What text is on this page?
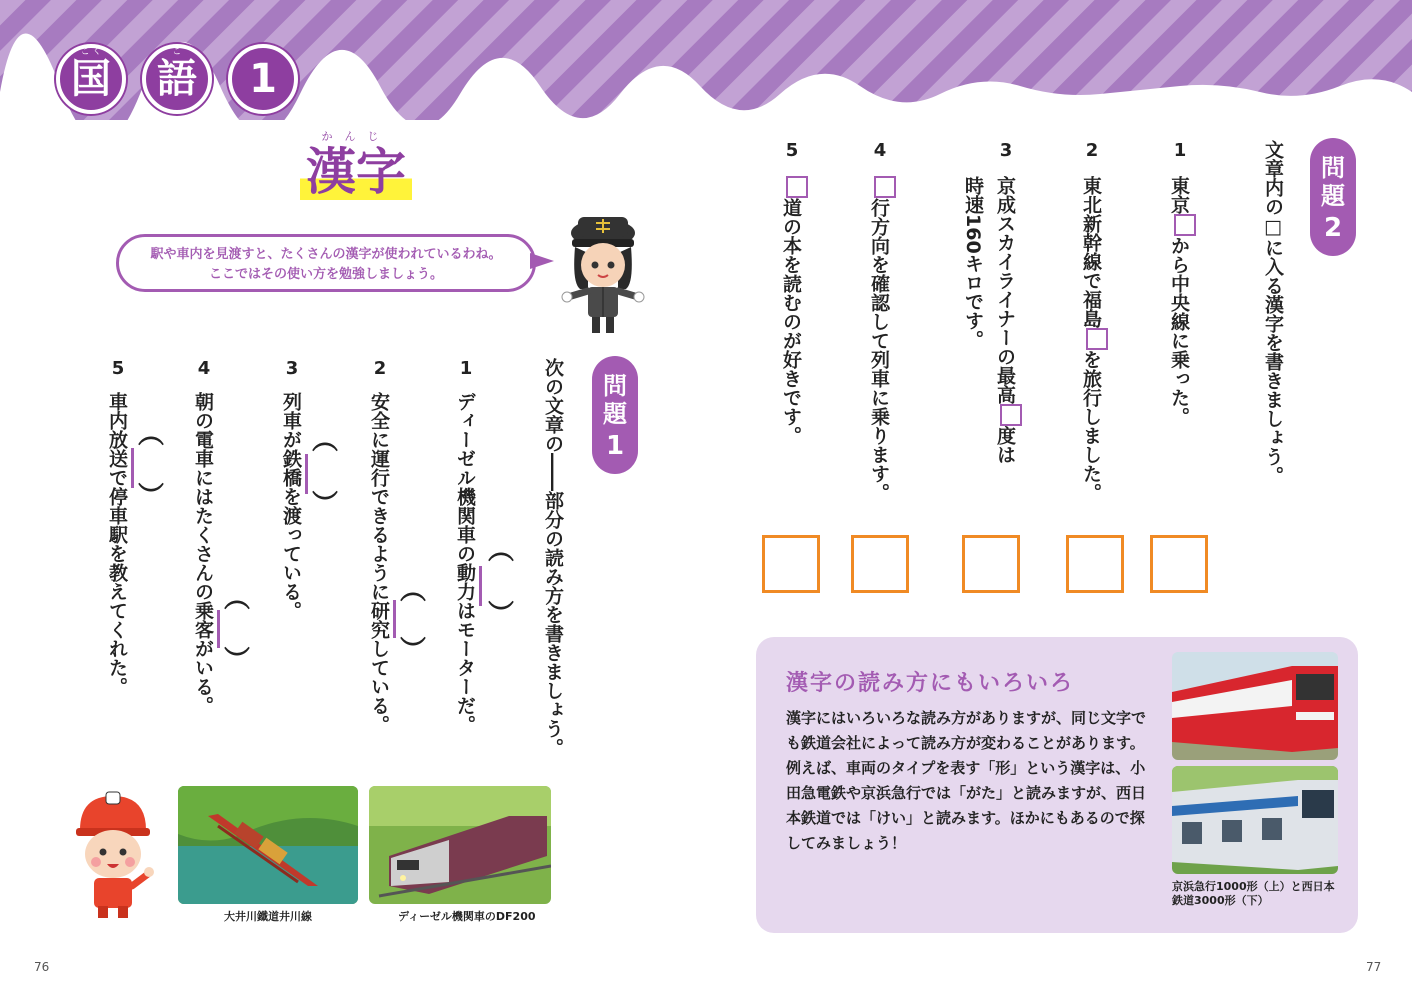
国
こ く
語
ご
1
かんじ
漢字
駅や車内を見渡すと、たくさんの漢字が使われているわね。
ここではその使い方を勉強しましょう。
問題
1
次の文章の――部分の読み方を書きましょう。
1
ディーゼル機関車の動力はモーターだ。 ︵
︶
2
安全に運行できるように研究している。 ︵
︶
3
列車が鉄橋を渡っている。 ︵
︶
4
朝の電車にはたくさんの乗客がいる。 ︵
︶
5
車内放送で停車駅を教えてくれた。 ︵
︶
大井川鐵道井川線	ディーゼル機関車のDF200
問題
2
文章内の□に入る漢字を書きましょう。
1
東京から中央線に乗った。
2
東北新幹線で福島を旅行しました。
3
京成スカイライナーの最高度は
時速160キロです。
4
行方向を確認して列車に乗ります。
5
道の本を読むのが好きです。
漢字の読み方にもいろいろ
漢字にはいろいろな読み方がありますが、同じ文字でも鉄道会社によって読み方が変わることがあります。例えば、車両のタイプを表す「形」という漢字は、小田急電鉄や京浜急行では「がた」と読みますが、西日本鉄道では「けい」と読みます。ほかにもあるので探してみましょう！
京浜急行1000形（上）と西日本鉄道3000形（下）
76	77
